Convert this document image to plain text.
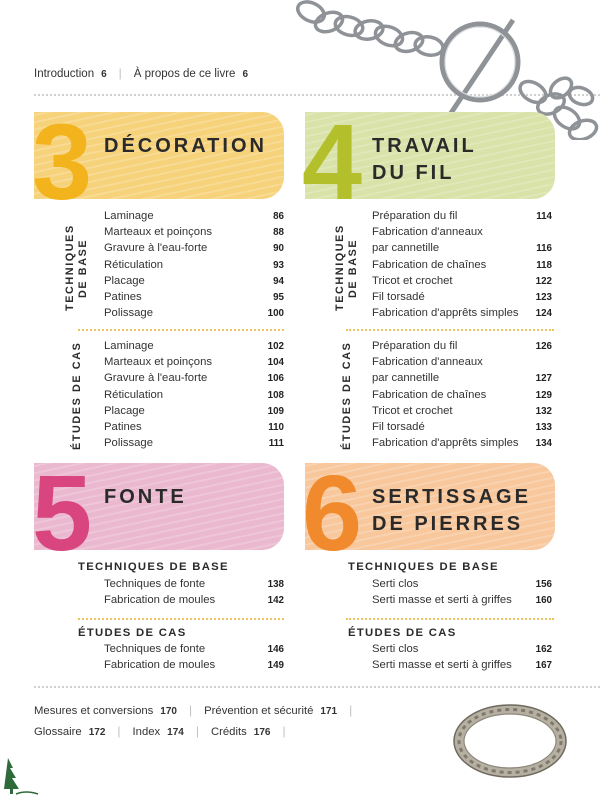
Introduction 6 | À propos de ce livre 6
3 DÉCORATION
TECHNIQUES
DE BASE
Laminage	86
Marteaux et poinçons	88
Gravure à l'eau-forte	90
Réticulation	93
Placage	94
Patines	95
Polissage	100
ÉTUDES DE CAS Laminage	102
Marteaux et poinçons	104
Gravure à l'eau-forte	106
Réticulation	108
Placage	109
Patines	110
Polissage	111
4 TRAVAIL
DU FIL
TECHNIQUES
DE BASE
Préparation du fil	114
Fabrication d'anneaux
par cannetille	116
Fabrication de chaînes	118
Tricot et crochet	122
Fil torsadé	123
Fabrication d'apprêts simples 124
ÉTUDES DE CAS Préparation du fil	126
Fabrication d'anneaux
par cannetille	127
Fabrication de chaînes	129
Tricot et crochet	132
Fil torsadé	133
Fabrication d'apprêts simples 134
5 FONTE
TECHNIQUES DE BASE
Techniques de fonte	138
Fabrication de moules	142
ÉTUDES DE CAS
Techniques de fonte	146
Fabrication de moules	149
6 SERTISSAGE
DE PIERRES
TECHNIQUES DE BASE
Serti clos	156
Serti masse et serti à griffes 160
ÉTUDES DE CAS
Serti clos	162
Serti masse et serti à griffes 167
Mesures et conversions 170 | Prévention et sécurité 171 |
Glossaire 172 | Index 174 | Crédits 176 |
